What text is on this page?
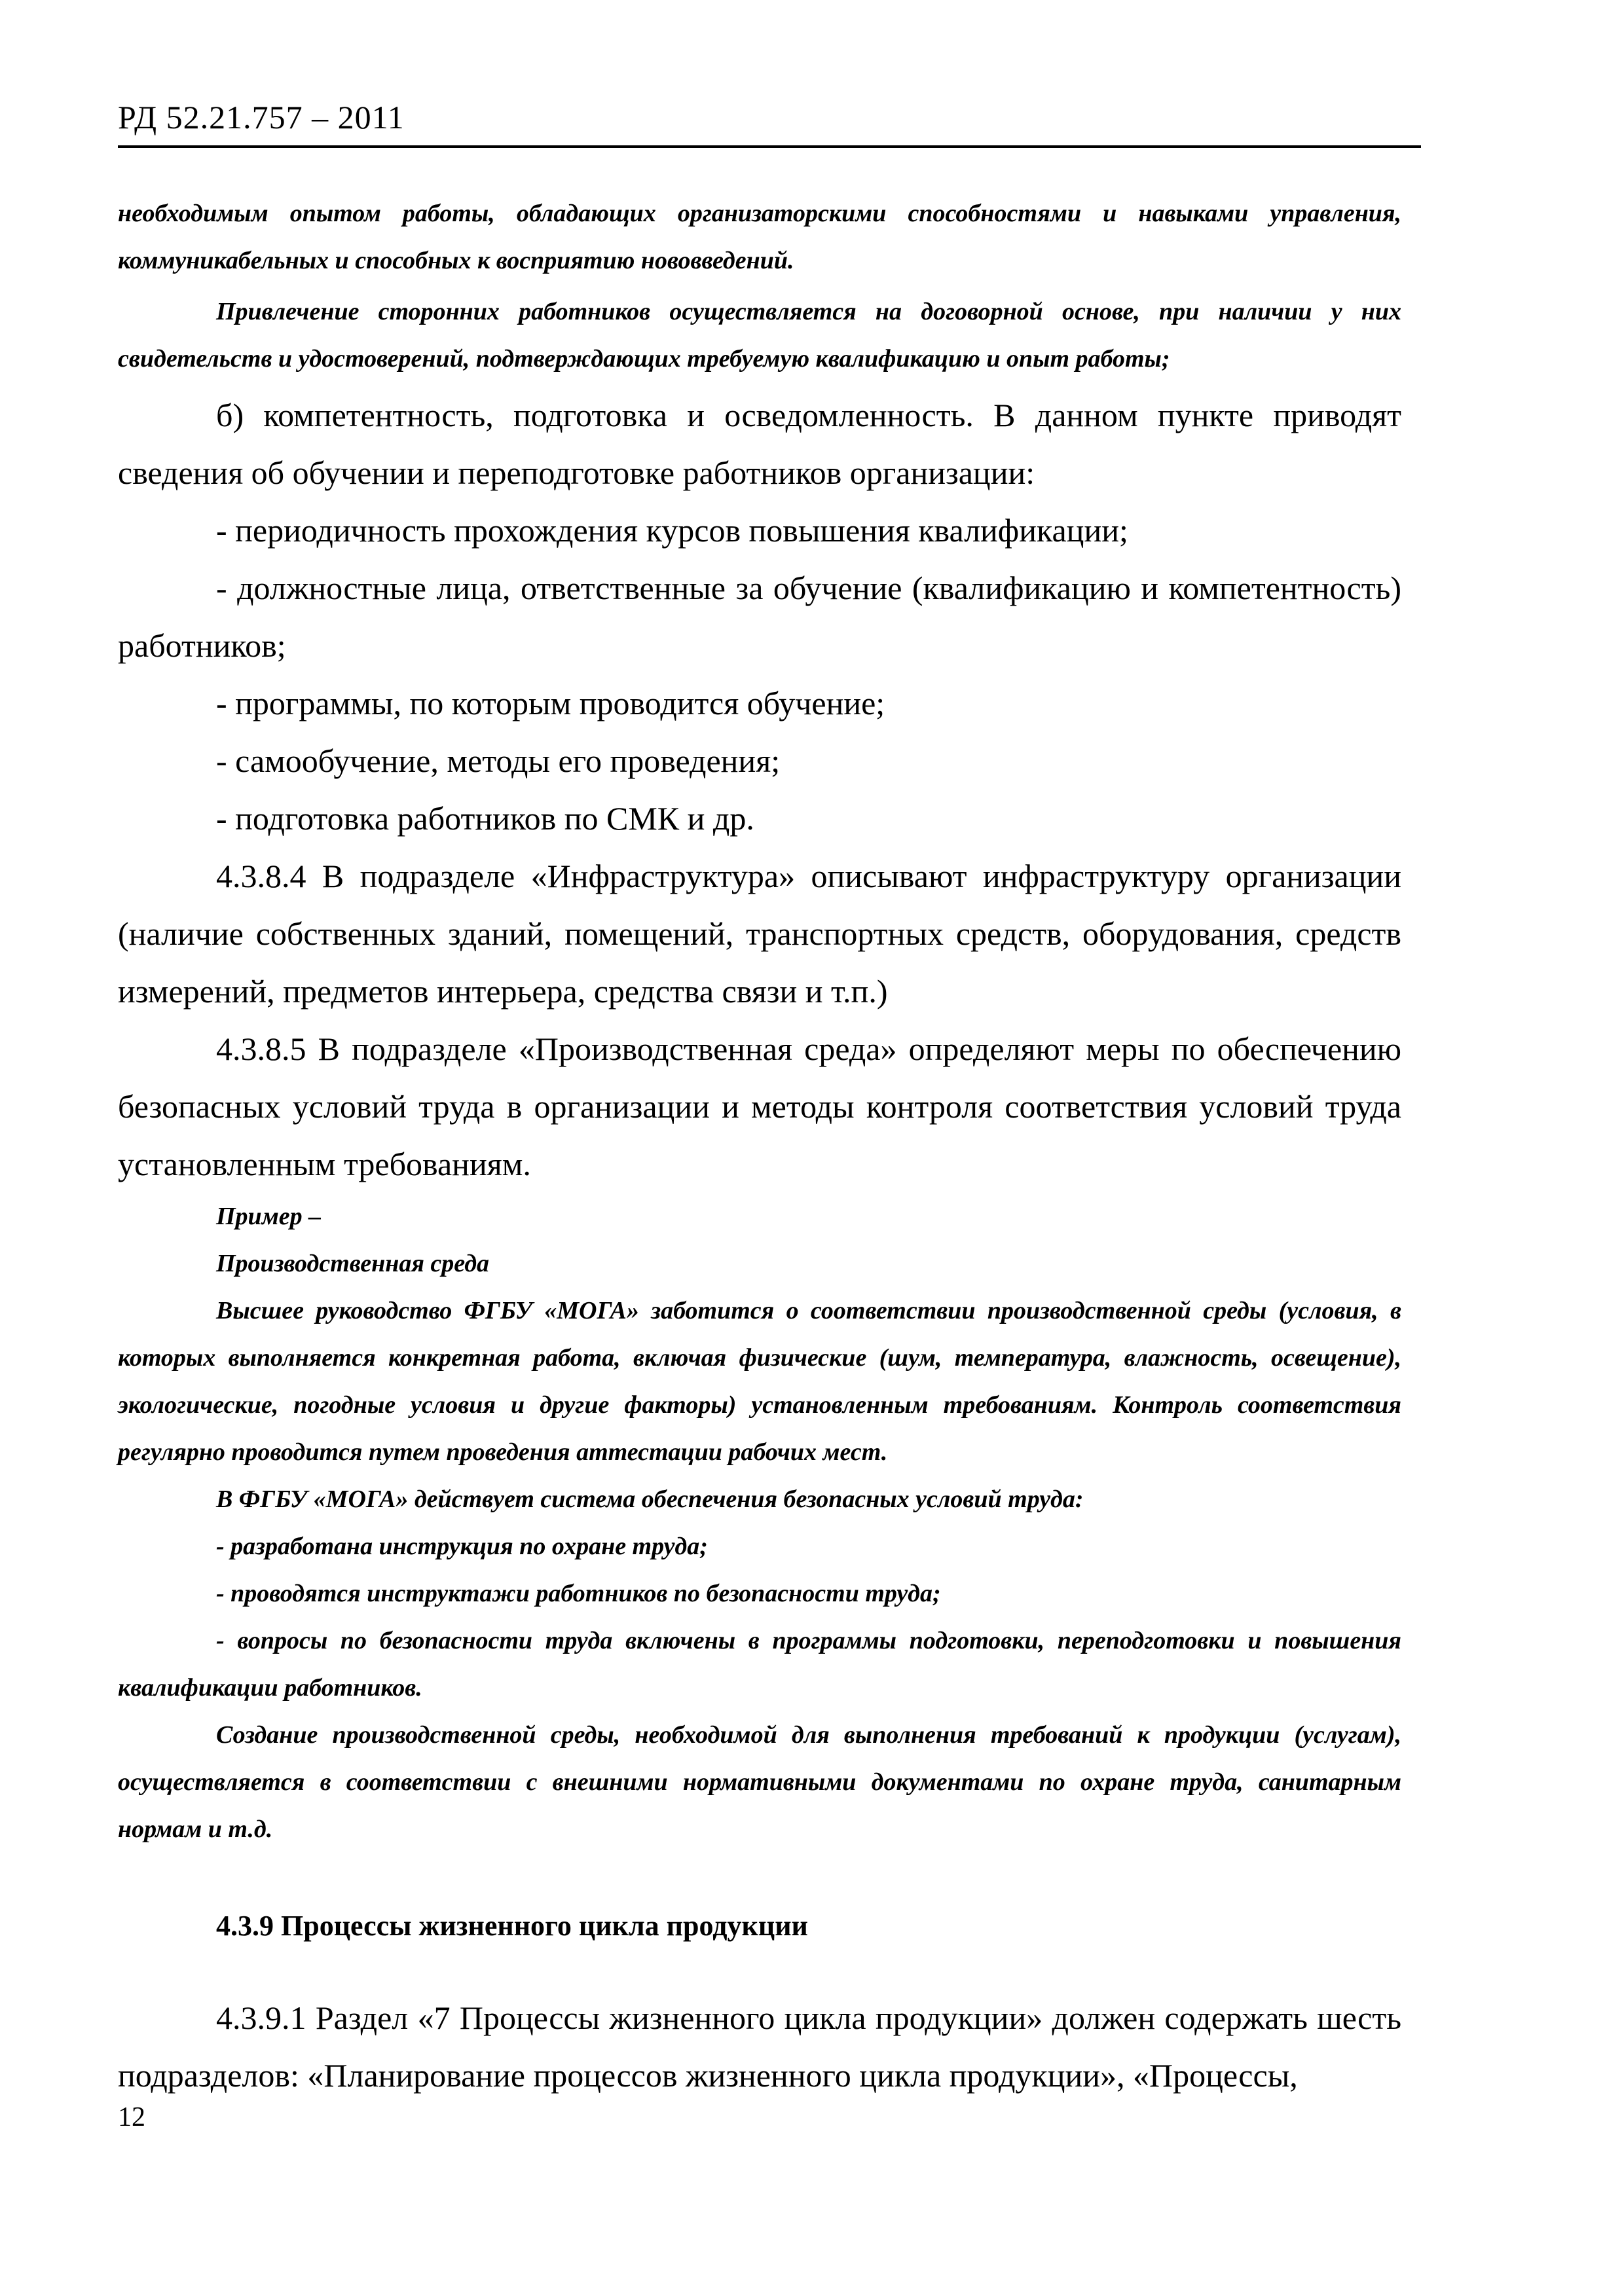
РД 52.21.757 – 2011

необходимым опытом работы, обладающих организаторскими способностями и навыками управления, коммуникабельных и способных к восприятию нововведений.

Привлечение сторонних работников осуществляется на договорной основе, при наличии у них свидетельств и удостоверений, подтверждающих требуемую квалификацию и опыт работы;

б) компетентность, подготовка и осведомленность. В данном пункте приводят сведения об обучении и переподготовке работников организации:

- периодичность прохождения курсов повышения квалификации;

- должностные лица, ответственные за обучение (квалификацию и компетентность) работников;

- программы, по которым проводится обучение;

- самообучение, методы его проведения;

- подготовка работников по СМК и др.

4.3.8.4 В подразделе «Инфраструктура» описывают инфраструктуру организации (наличие собственных зданий, помещений, транспортных средств, оборудования, средств измерений, предметов интерьера, средства связи и т.п.)

4.3.8.5 В подразделе «Производственная среда» определяют меры по обеспечению безопасных условий труда в организации и методы контроля соответствия условий труда установленным требованиям.

Пример –

Производственная среда

Высшее руководство ФГБУ «МОГА» заботится о соответствии производственной среды (условия, в которых выполняется конкретная работа, включая физические (шум, температура, влажность, освещение), экологические, погодные условия и другие факторы) установленным требованиям. Контроль соответствия регулярно проводится путем проведения аттестации рабочих мест.

В ФГБУ «МОГА» действует система обеспечения безопасных условий труда:

- разработана инструкция по охране труда;

- проводятся инструктажи работников по безопасности труда;

- вопросы по безопасности труда включены в программы подготовки, переподготовки и повышения квалификации работников.

Создание производственной среды, необходимой для выполнения требований к продукции (услугам), осуществляется в соответствии с внешними нормативными документами по охране труда, санитарным нормам и т.д.

4.3.9 Процессы жизненного цикла продукции

4.3.9.1 Раздел «7 Процессы жизненного цикла продукции» должен содержать шесть подразделов: «Планирование процессов жизненного цикла продукции», «Процессы,

12
